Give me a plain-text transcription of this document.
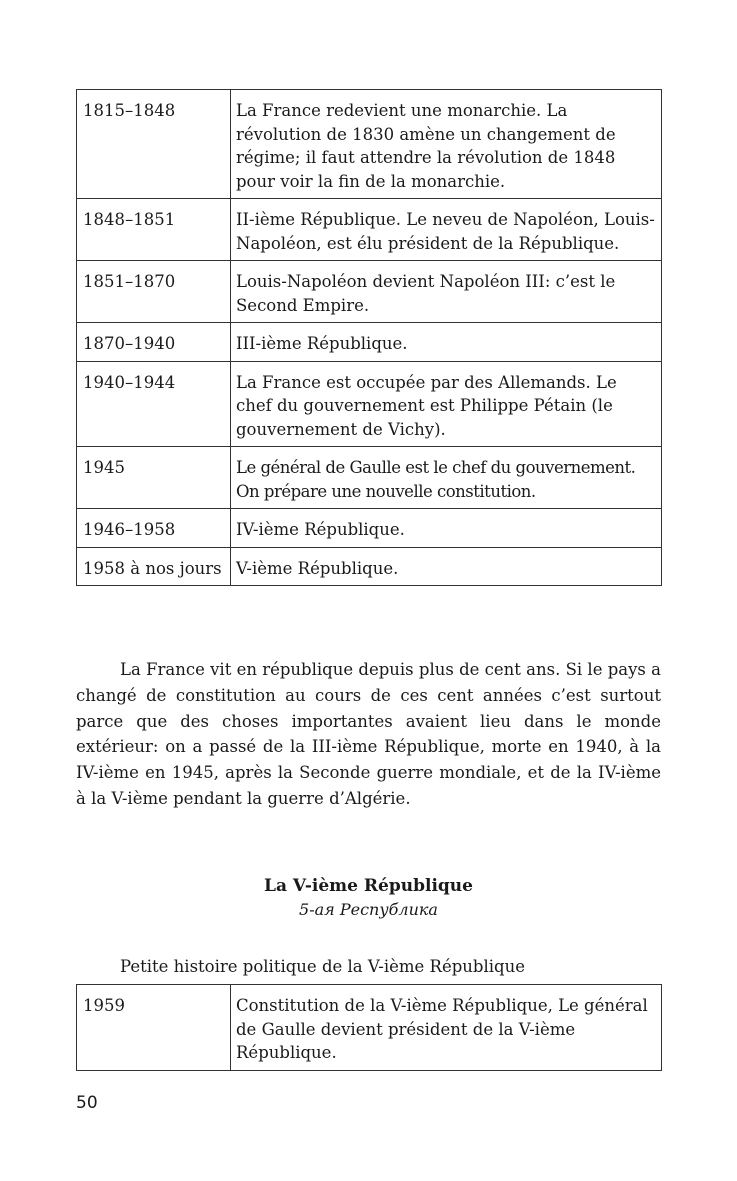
1815–1848	La France redevient une monarchie. La révolution de 1830 amène un changement de régime; il faut attendre la révolution de 1848 pour voir la fin de la monarchie.
1848–1851	II-ième République. Le neveu de Napoléon, Louis-Napoléon, est élu président de la République.
1851–1870	Louis-Napoléon devient Napoléon III: c’est le Second Empire.
1870–1940	III-ième République.
1940–1944	La France est occupée par des Allemands. Le chef du gouvernement est Philippe Pétain (le gouvernement de Vichy).
1945	Le général de Gaulle est le chef du gouvernement. On prépare une nouvelle constitution.
1946–1958	IV-ième République.
1958 à nos jours	V-ième République.

La France vit en république depuis plus de cent ans. Si le pays a changé de constitution au cours de ces cent années c’est surtout parce que des choses importantes avaient lieu dans le monde extérieur: on a passé de la III-ième République, morte en 1940, à la IV-ième en 1945, après la Seconde guerre mondiale, et de la IV-ième à la V-ième pendant la guerre d’Algérie.

La V-ième République

5-ая Республика

Petite histoire politique de la V-ième République

1959	Constitution de la V-ième République, Le général de Gaulle devient président de la V-ième République.

50
